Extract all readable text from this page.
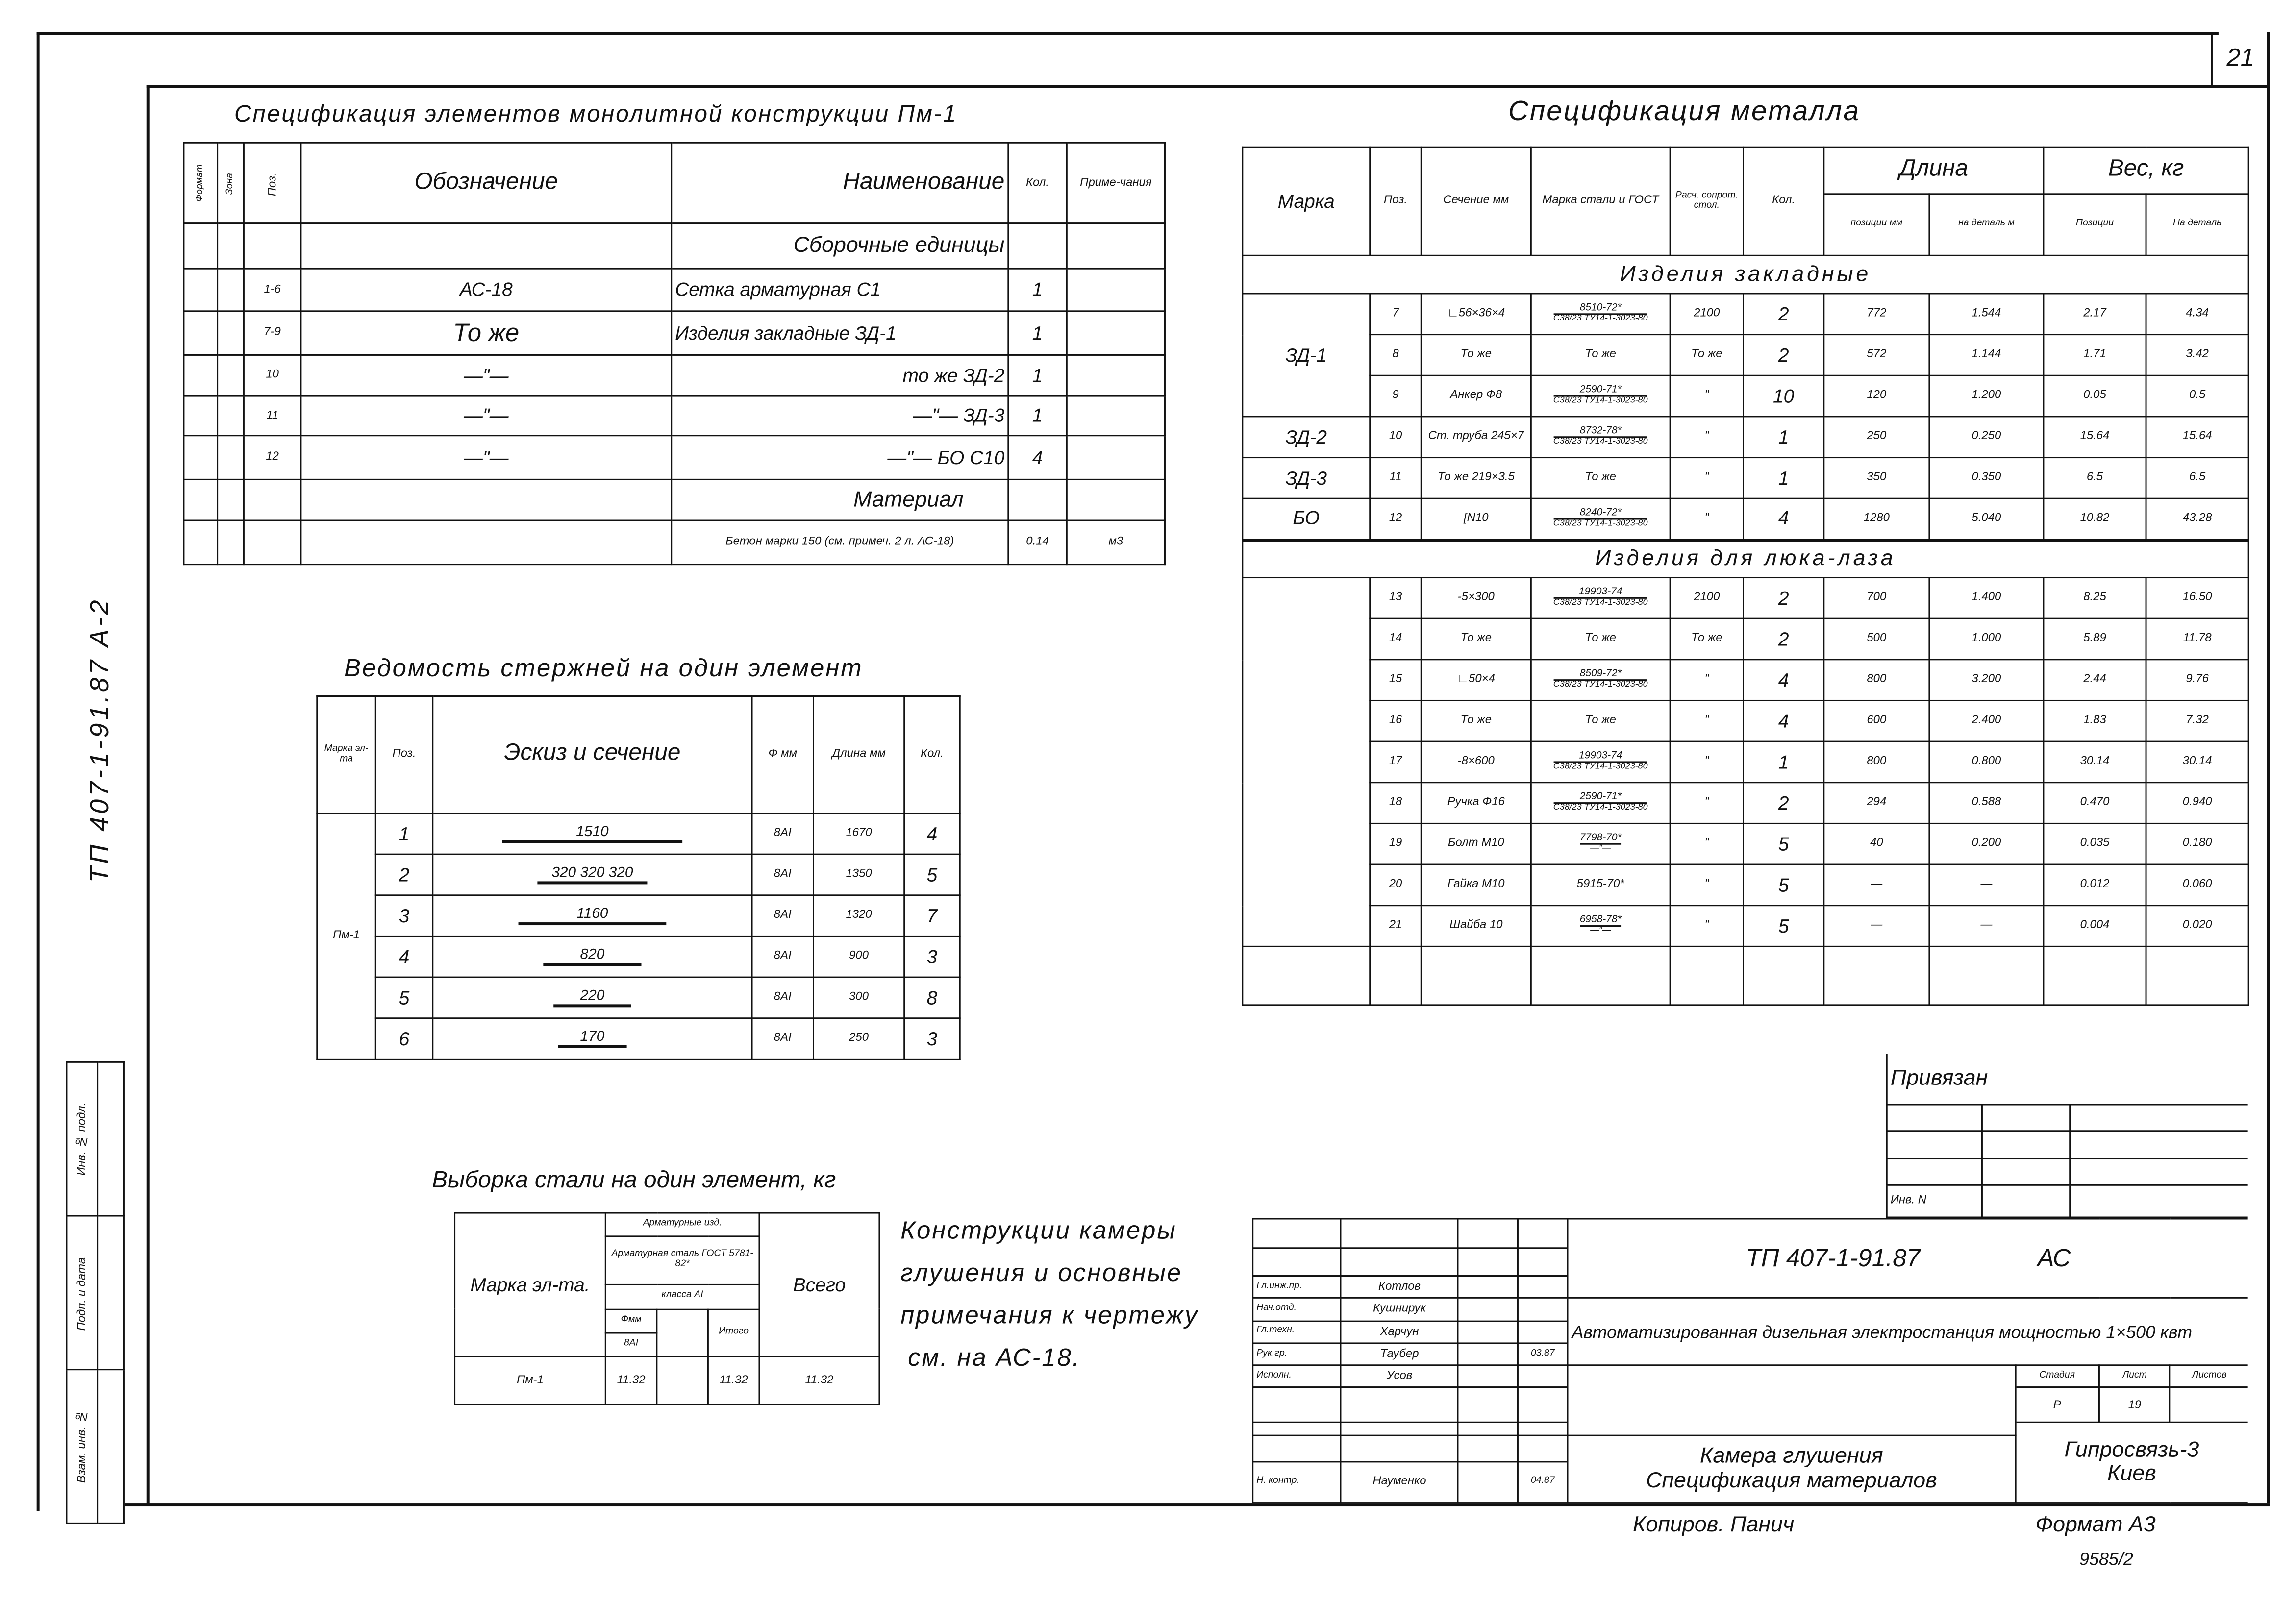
21
ТП 407-1-91.87 А-2
Инв. № подл.	
Подп. и дата	
Взам. инв. №	
Спецификация элементов монолитной конструкции Пм-1
Формат	Зона	Поз.	Обозначение	Наименование	Кол.	Приме-чания
				Сборочные единицы		
		1-6	АС-18	Сетка арматурная С1	1	
		7-9	То же	Изделия закладные ЗД-1	1	
		10	—"—	то же ЗД-2	1	
		11	—"—	—"— ЗД-3	1	
		12	—"—	—"— БО С10	4	
				Материал		
				Бетон марки 150 (см. примеч. 2 л. АС-18)	0.14	м3
Ведомость стержней на один элемент
Марка эл-та	Поз.	Эскиз и сечение	Ф мм	Длина мм	Кол.
Пм-1	1	1510	8АI	1670	4
	2	320 320 320	8АI	1350	5
	3	1160	8АI	1320	7
	4	820	8АI	900	3
	5	220	8АI	300	8
	6	170	8АI	250	3
Выборка стали на один элемент, кг
Марка эл-та.	Арматурные изд.			Всего
	Арматурная сталь ГОСТ 5781-82*			
	класса АI			
	Фмм		Итого	
	8АI			
Пм-1	11.32		11.32	11.32
Конструкции камеры
глушения и основные
примечания к чертежу
см. на АС-18.
Спецификация металла
Марка	Поз.	Сечение мм	Марка стали и ГОСТ	Расч. сопрот. стол.	Кол.	Длина		Вес, кг	
						позиции мм	на деталь м	Позиции	На деталь
Изделия закладные									
ЗД-1	7	∟56×36×4	$\frac{8510-72*}{С38/23 ТУ14-1-3023-80}$	2100	2	772	1.544	2.17	4.34
	8	То же	То же	То же	2	572	1.144	1.71	3.42
	9	Анкер Ф8	$\frac{2590-71*}{С38/23 ТУ14-1-3023-80}$	"	10	120	1.200	0.05	0.5
ЗД-2	10	Ст. труба 245×7	$\frac{8732-78*}{С38/23 ТУ14-1-3023-80}$	"	1	250	0.250	15.64	15.64
ЗД-3	11	То же 219×3.5	То же	"	1	350	0.350	6.5	6.5
БО	12	[N10	$\frac{8240-72*}{С38/23 ТУ14-1-3023-80}$	"	4	1280	5.040	10.82	43.28
Изделия для люка-лаза									
	13	-5×300	$\frac{19903-74}{С38/23 ТУ14-1-3023-80}$	2100	2	700	1.400	8.25	16.50
	14	То же	То же	То же	2	500	1.000	5.89	11.78
	15	∟50×4	$\frac{8509-72*}{С38/23 ТУ14-1-3023-80}$	"	4	800	3.200	2.44	9.76
	16	То же	То же	"	4	600	2.400	1.83	7.32
	17	-8×600	$\frac{19903-74}{С38/23 ТУ14-1-3023-80}$	"	1	800	0.800	30.14	30.14
	18	Ручка Ф16	$\frac{2590-71*}{С38/23 ТУ14-1-3023-80}$	"	2	294	0.588	0.470	0.940
	19	Болт М10	$\frac{7798-70*}{—"—}$	"	5	40	0.200	0.035	0.180
	20	Гайка М10	5915-70*	"	5	—	—	0.012	0.060
	21	Шайба 10	$\frac{6958-78*}{—"—}$	"	5	—	—	0.004	0.020

Привязан		

Инв. N		
				ТП 407-1-91.87 АС			

Гл.инж.пр.	Котлов						
Нач.отд.	Кушнирук			Автоматизированная дизельная электростанция мощностью 1×500 квт			
Гл.техн.	Харчун						
Рук.гр.	Таубер		03.87				
Исполн.	Усов				Стадия	Лист	Листов
					Р	19	

					Гипросвязь-3
Киев		

				Камера глушения
Спецификация материалов			

Н. контр.	Науменко		04.87				
Копиров. Панич	Формат А3
9585/2
